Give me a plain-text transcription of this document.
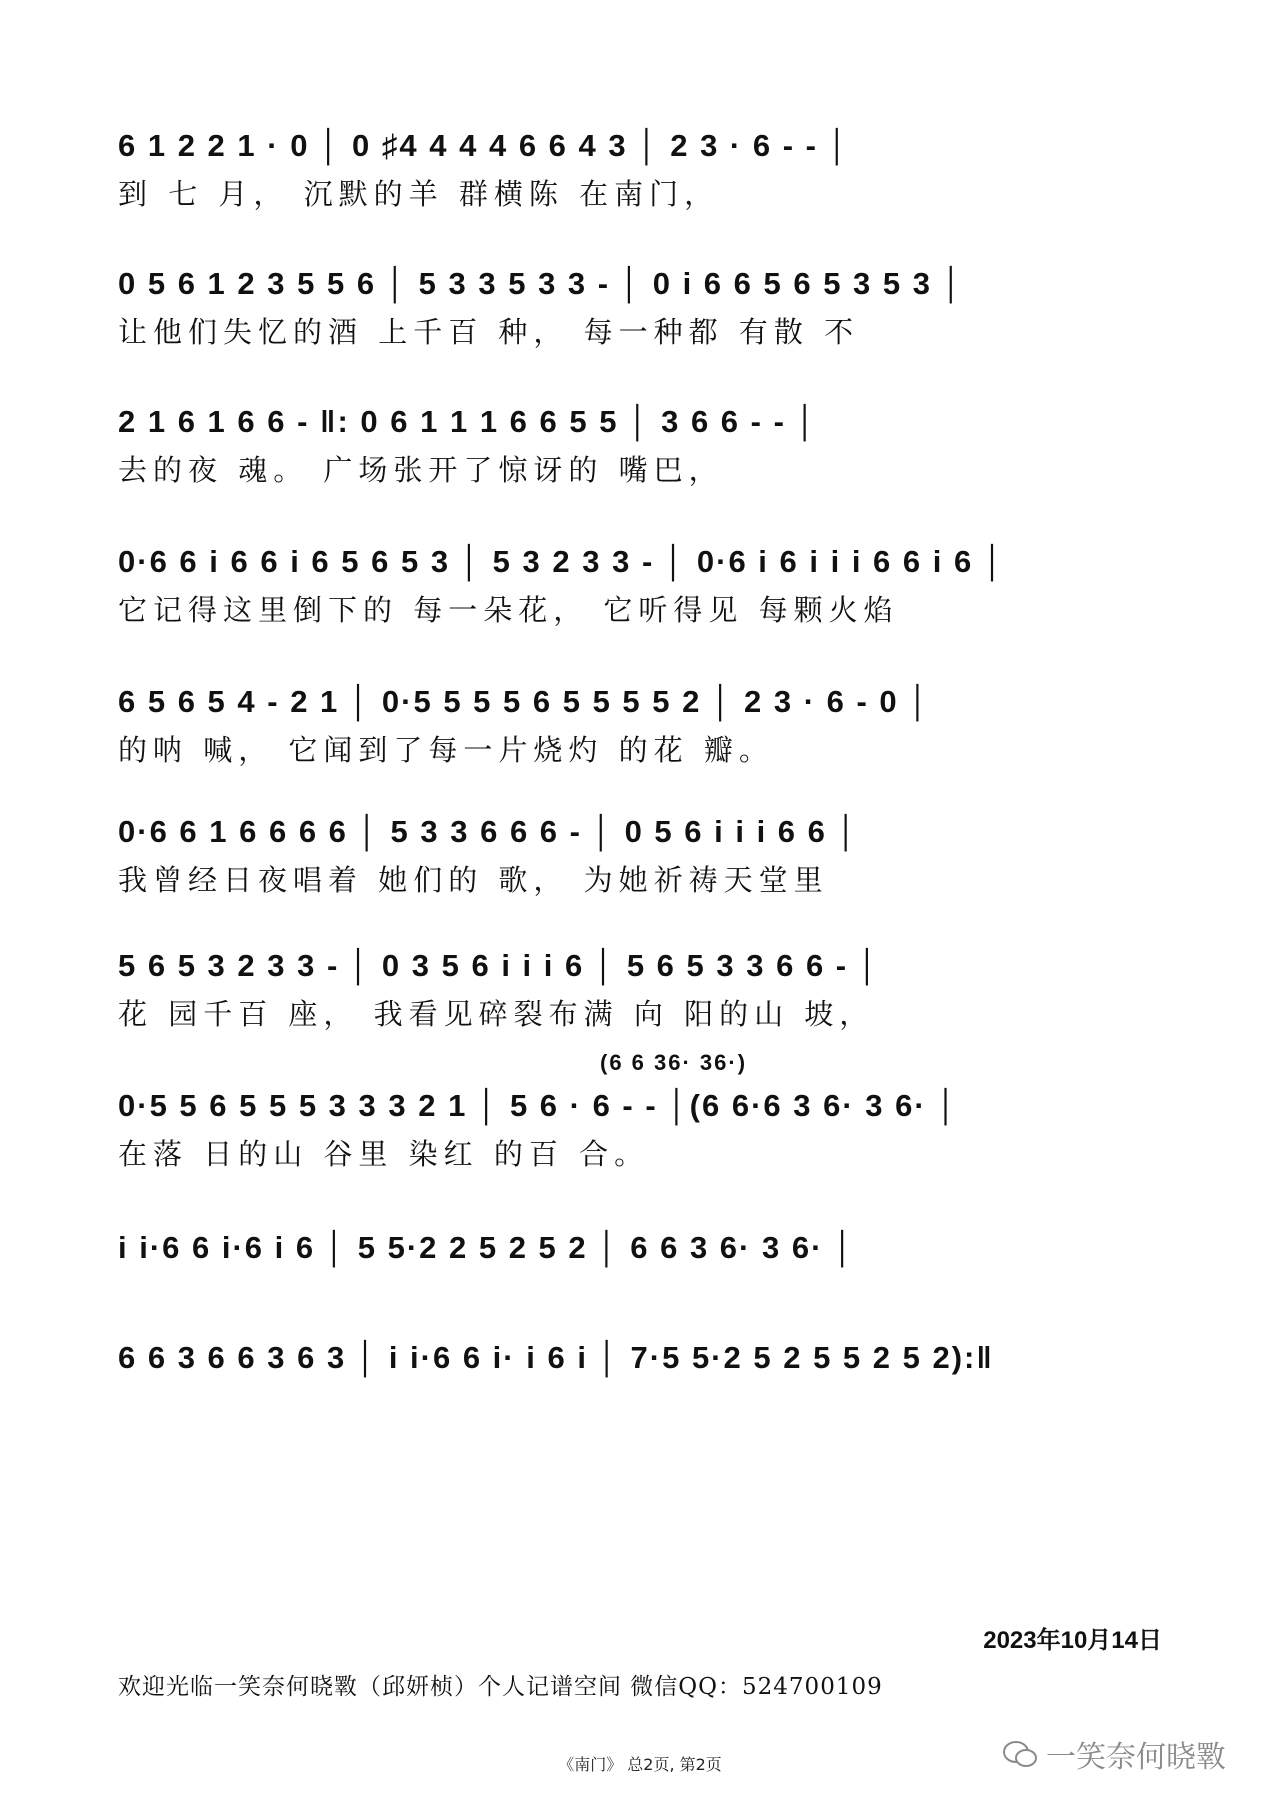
6 1 2 2 1 · 0 │ 0 ♯4 4 4 4 6 6 4 3 │ 2 3 · 6 - - │
到 七 月， 沉默的羊 群横陈 在南门，
0 5 6 1 2 3 5 5 6 │ 5 3 3 5 3 3 - │ 0 i 6 6 5 6 5 3 5 3 │
让他们失忆的酒 上千百 种， 每一种都 有散 不
2 1 6 1 6 6 - ‖: 0 6 1 1 1 6 6 5 5 │ 3 6 6 - - │
去的夜 魂。 广场张开了惊讶的 嘴巴，
0·6 6 i 6 6 i 6 5 6 5 3 │ 5 3 2 3 3 - │ 0·6 i 6 i i i 6 6 i 6 │
它记得这里倒下的 每一朵花， 它听得见 每颗火焰
6 5 6 5 4 - 2 1 │ 0·5 5 5 5 6 5 5 5 5 2 │ 2 3 · 6 - 0 │
的呐 喊， 它闻到了每一片烧灼 的花 瓣。
0·6 6 1 6 6 6 6 │ 5 3 3 6 6 6 - │ 0 5 6 i i i 6 6 │
我曾经日夜唱着 她们的 歌， 为她祈祷天堂里
5 6 5 3 2 3 3 - │ 0 3 5 6 i i i 6 │ 5 6 5 3 3 6 6 - │
花 园千百 座， 我看见碎裂布满 向 阳的山 坡，
(6 6 36· 36·)
0·5 5 6 5 5 5 3 3 3 2 1 │ 5 6 · 6 - - │(6 6·6 3 6· 3 6· │
在落 日的山 谷里 染红 的百 合。
i i·6 6 i·6 i 6 │ 5 5·2 2 5 2 5 2 │ 6 6 3 6· 3 6· │
6 6 3 6 6 3 6 3 │ i i·6 6 i· i 6 i │ 7·5 5·2 5 2 5 5 2 5 2):‖
2023年10月14日
欢迎光临一笑奈何晓斁（邱妍桢）个人记谱空间 微信QQ：524700109
《南门》 总2页, 第2页	一笑奈何晓斁
